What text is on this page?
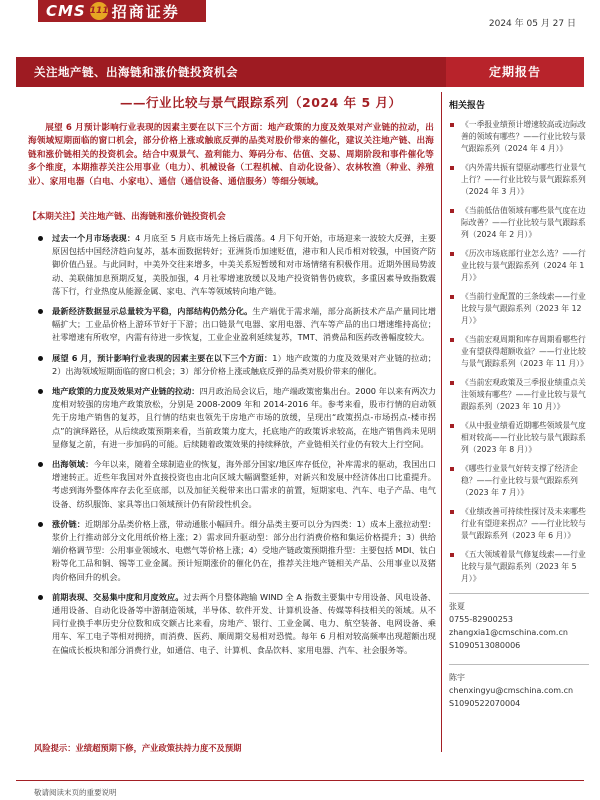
CMS 111 招商证券
2024 年 05 月 27 日
关注地产链、出海链和涨价链投资机会	定期报告
——行业比较与景气跟踪系列（2024 年 5 月）

展望 6 月预计影响行业表现的因素主要在以下三个方面：地产政策的力度及效果对产业链的拉动，出海领域短期面临的窗口机会，部分价格上涨或触底反弹的品类对股价带来的催化，建议关注地产链、出海链和涨价链相关的投资机会。结合中观景气、盈利能力、筹码分布、估值、交易、周期阶段和事件催化等多个维度，本期推荐关注公用事业（电力）、机械设备（工程机械、自动化设备）、农林牧渔（种业、养殖业）、家用电器（白电、小家电）、通信（通信设备、通信服务）等细分领域。

【本期关注】关注地产链、出海链和涨价链投资机会
过去一个月市场表现：4 月底至 5 月底市场先上扬后震荡。4 月下旬开始，市场迎来一波较大反弹，主要原因包括中国经济趋向复苏，基本面数据转好；亚洲货币加速贬值，港市和人民币相对较强，中国资产防御价值凸显。与此同时，中美外交往来增多，中美关系短暂缓和对市场情绪有积极作用。近期外围局势波动、美联储加息预期反复，美股加强，4 月社零增速放缓以及地产投资销售仍疲软，多重因素导致指数震荡下行，行业热度从能源金属、家电、汽车等领域转向地产链。
最新经济数据显示总量较为平稳，内部结构仍然分化。生产端优于需求端，部分高新技术产品产量同比增幅扩大；工业品价格上游环节好于下游；出口链景气电器、家用电器、汽车等产品的出口增速维持高位；社零增速有所收窄，内需有待进一步恢复，工业企业盈利延续复苏，TMT、消费品和医药改善幅度较大。
展望 6 月，预计影响行业表现的因素主要在以下三个方面：1）地产政策的力度及效果对产业链的拉动；2）出海领域短期面临的窗口机会；3）部分价格上涨或触底反弹的品类对股价带来的催化。
地产政策的力度及效果对产业链的拉动：四月政治局会议后，地产端政策密集出台。2000 年以来有两次力度相对较强的房地产政策放松，分别是 2008-2009 年和 2014-2016 年。参考来看，股市行情的启动领先于房地产销售的复苏，且行情的结束也领先于房地产市场的放缓，呈现出“政策拐点-市场拐点-楼市拐点”的演绎路径，从后续政策预期来看，当前政策力度大，托底地产的政策诉求较高，在地产销售尚未见明显修复之前，有进一步加码的可能。后续随着政策效果的持续释放，产业链相关行业仍有较大上行空间。
出海领域：今年以来，随着全球制造业的恢复，海外部分国家/地区库存低位，补库需求的驱动，我国出口增速转正。近些年我国对外直接投资也由北向区域大幅调整延伸，对新兴和发展中经济体出口比重提升。考虑到海外整体库存去化至底部，以及加征关税带来出口需求的前置，短期家电、汽车、电子产品、电气设备、纺织服饰、家具等出口领域预计仍有阶段性机会。
涨价链：近期部分品类价格上涨，带动通胀小幅回升。细分品类主要可以分为四类：1）成本上涨拉动型：浆价上行推动部分文化用纸价格上涨；2）需求回升驱动型：部分出行消费价格和集运价格提升；3）供给端价格调节型：公用事业领域水、电燃气等价格上涨；4）受地产链政策预期推升型：主要包括 MDI、钛白粉等化工品和铜、锡等工业金属。预计短期涨价的催化仍在，推荐关注地产链相关产品、公用事业以及猪肉价格回升的机会。
前期表现、交易集中度和月度效应。过去两个月整体跑输 WIND 全 A 指数主要集中专用设备、风电设备、通用设备、自动化设备等中游制造领域，半导体、软件开发、计算机设备、传媒等科技相关的领域。从不同行业换手率历史分位数和成交额占比来看，房地产、银行、工业金属、电力、航空装备、电网设备、乘用车、军工电子等相对拥挤，而消费、医药、顺周期交易相对恐慌。每年 6 月相对较高频率出现超额出现在偏成长板块和部分消费行业，如通信、电子、计算机、食品饮料、家用电器、汽车、社会服务等。
风险提示：业绩超预期下修，产业政策扶持力度不及预期
敬请阅读末页的重要说明
相关报告
《一季报业绩预计增速较高或边际改善的领域有哪些？——行业比较与景气跟踪系列（2024 年 4 月）》
《内外需共振有望驱动哪些行业景气上行？——行业比较与景气跟踪系列（2024 年 3 月）》
《当前低估值领域有哪些景气度在边际改善？——行业比较与景气跟踪系列（2024 年 2 月）》
《历次市场底部行业怎么选？——行业比较与景气跟踪系列（2024 年 1 月）》
《当前行业配置的三条线索——行业比较与景气跟踪系列（2023 年 12 月）》
《当前宏观周期和库存周期看哪些行业有望获得超额收益？——行业比较与景气跟踪系列（2023 年 11 月）》
《当前宏观政策及三季报业绩重点关注领域有哪些？——行业比较与景气跟踪系列（2023 年 10 月）》
《从中报业绩看近期哪些领域景气度相对较高——行业比较与景气跟踪系列（2023 年 8 月）》
《哪些行业景气好转支撑了经济企稳？——行业比较与景气跟踪系列（2023 年 7 月）》
《业绩改善可持续性探讨及未来哪些行业有望迎来拐点？——行业比较与景气跟踪系列（2023 年 6 月）》
《五大领域着景气修复线索——行业比较与景气跟踪系列（2023 年 5 月）》
张夏
0755-82900253
zhangxia1@cmschina.com.cn
S1090513080006
陈宇
chenxingyu@cmschina.com.cn
S1090522070004
